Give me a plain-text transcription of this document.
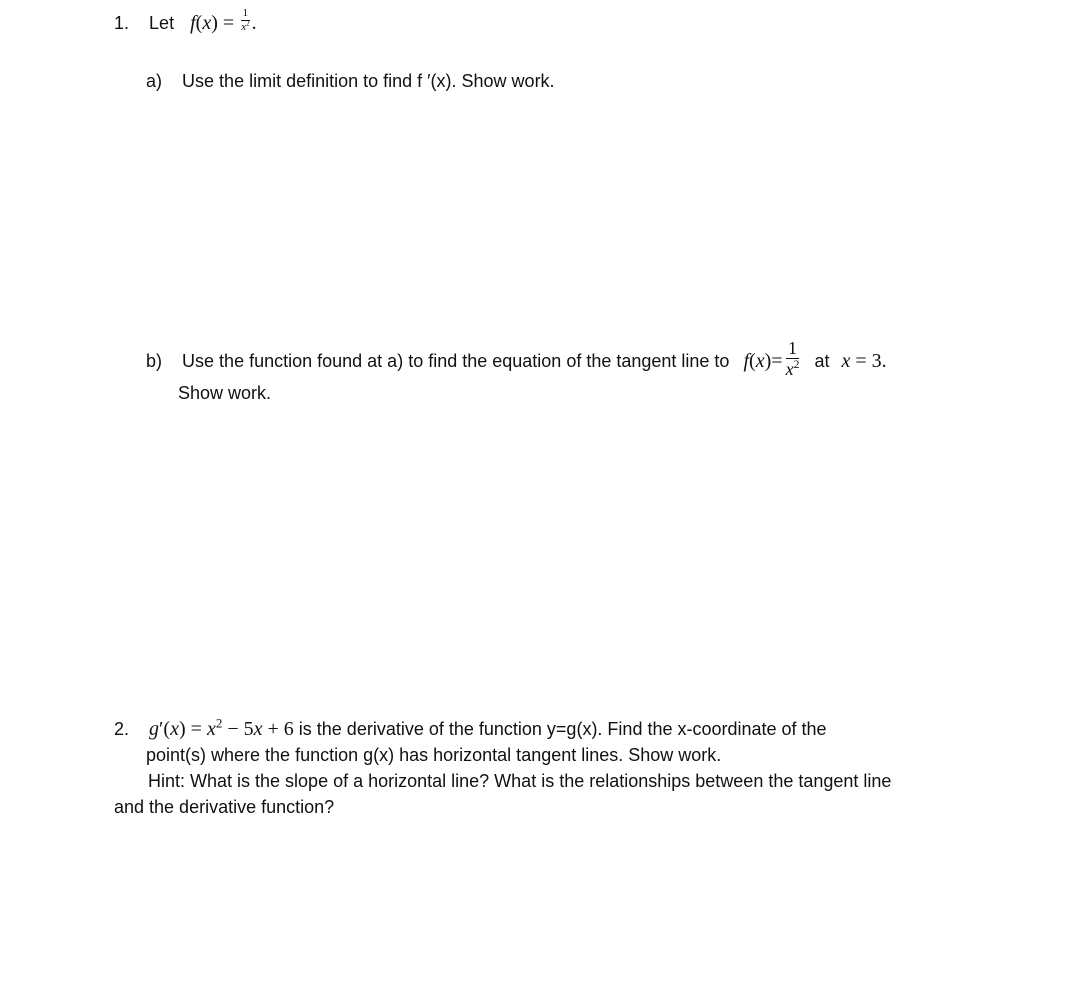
1. Let $f(x) = \frac{1}{x^2}$ .
a) Use the limit definition to find f ′(x). Show work.
b) Use the function found at a) to find the equation of the tangent line to $f(x)= \frac{1}{x^2}$ at x = 3.
Show work.
2. $g'(x) = x^2 - 5x + 6$ is the derivative of the function y=g(x). Find the x-coordinate of the
point(s) where the function g(x) has horizontal tangent lines. Show work.
Hint: What is the slope of a horizontal line? What is the relationships between the tangent line
and the derivative function?
